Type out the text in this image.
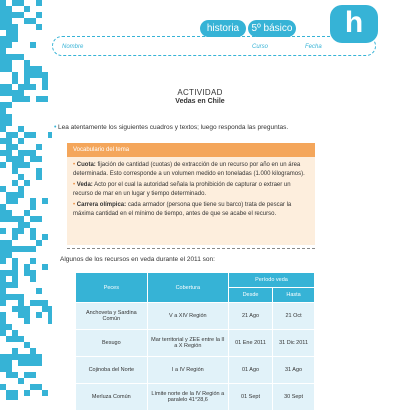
historia	5º básico	h
Nombre	Curso	Fecha
ACTIVIDAD
Vedas en Chile
• Lea atentamente los siguientes cuadros y textos; luego responda las preguntas.
Vocabulario del tema
• Cuota: fijación de cantidad (cuotas) de extracción de un recurso por año en un área determinada. Esto corresponde a un volumen medido en toneladas (1.000 kilogramos).
• Veda: Acto por el cual la autoridad señala la prohibición de capturar o extraer un recurso de mar en un lugar y tiempo determinado.
• Carrera olímpica: cada armador (persona que tiene su barco) trata de pescar la máxima cantidad en el mínimo de tiempo, antes de que se acabe el recurso.
Algunos de los recursos en veda durante el 2011 son:
Peces	Cobertura	Período veda	
		Desde	Hasta
Anchoveta y Sardina Común	V a XIV Región	21 Ago	21 Oct
Besugo	Mar territorial y ZEE entre la II a X Región	01 Ene 2011	31 Dic 2011
Cojinoba del Norte	I a IV Región	01 Ago	31 Ago
Merluza Común	Límite norte de la IV Región a paralelo 41°28,6	01 Sept	30 Sept
